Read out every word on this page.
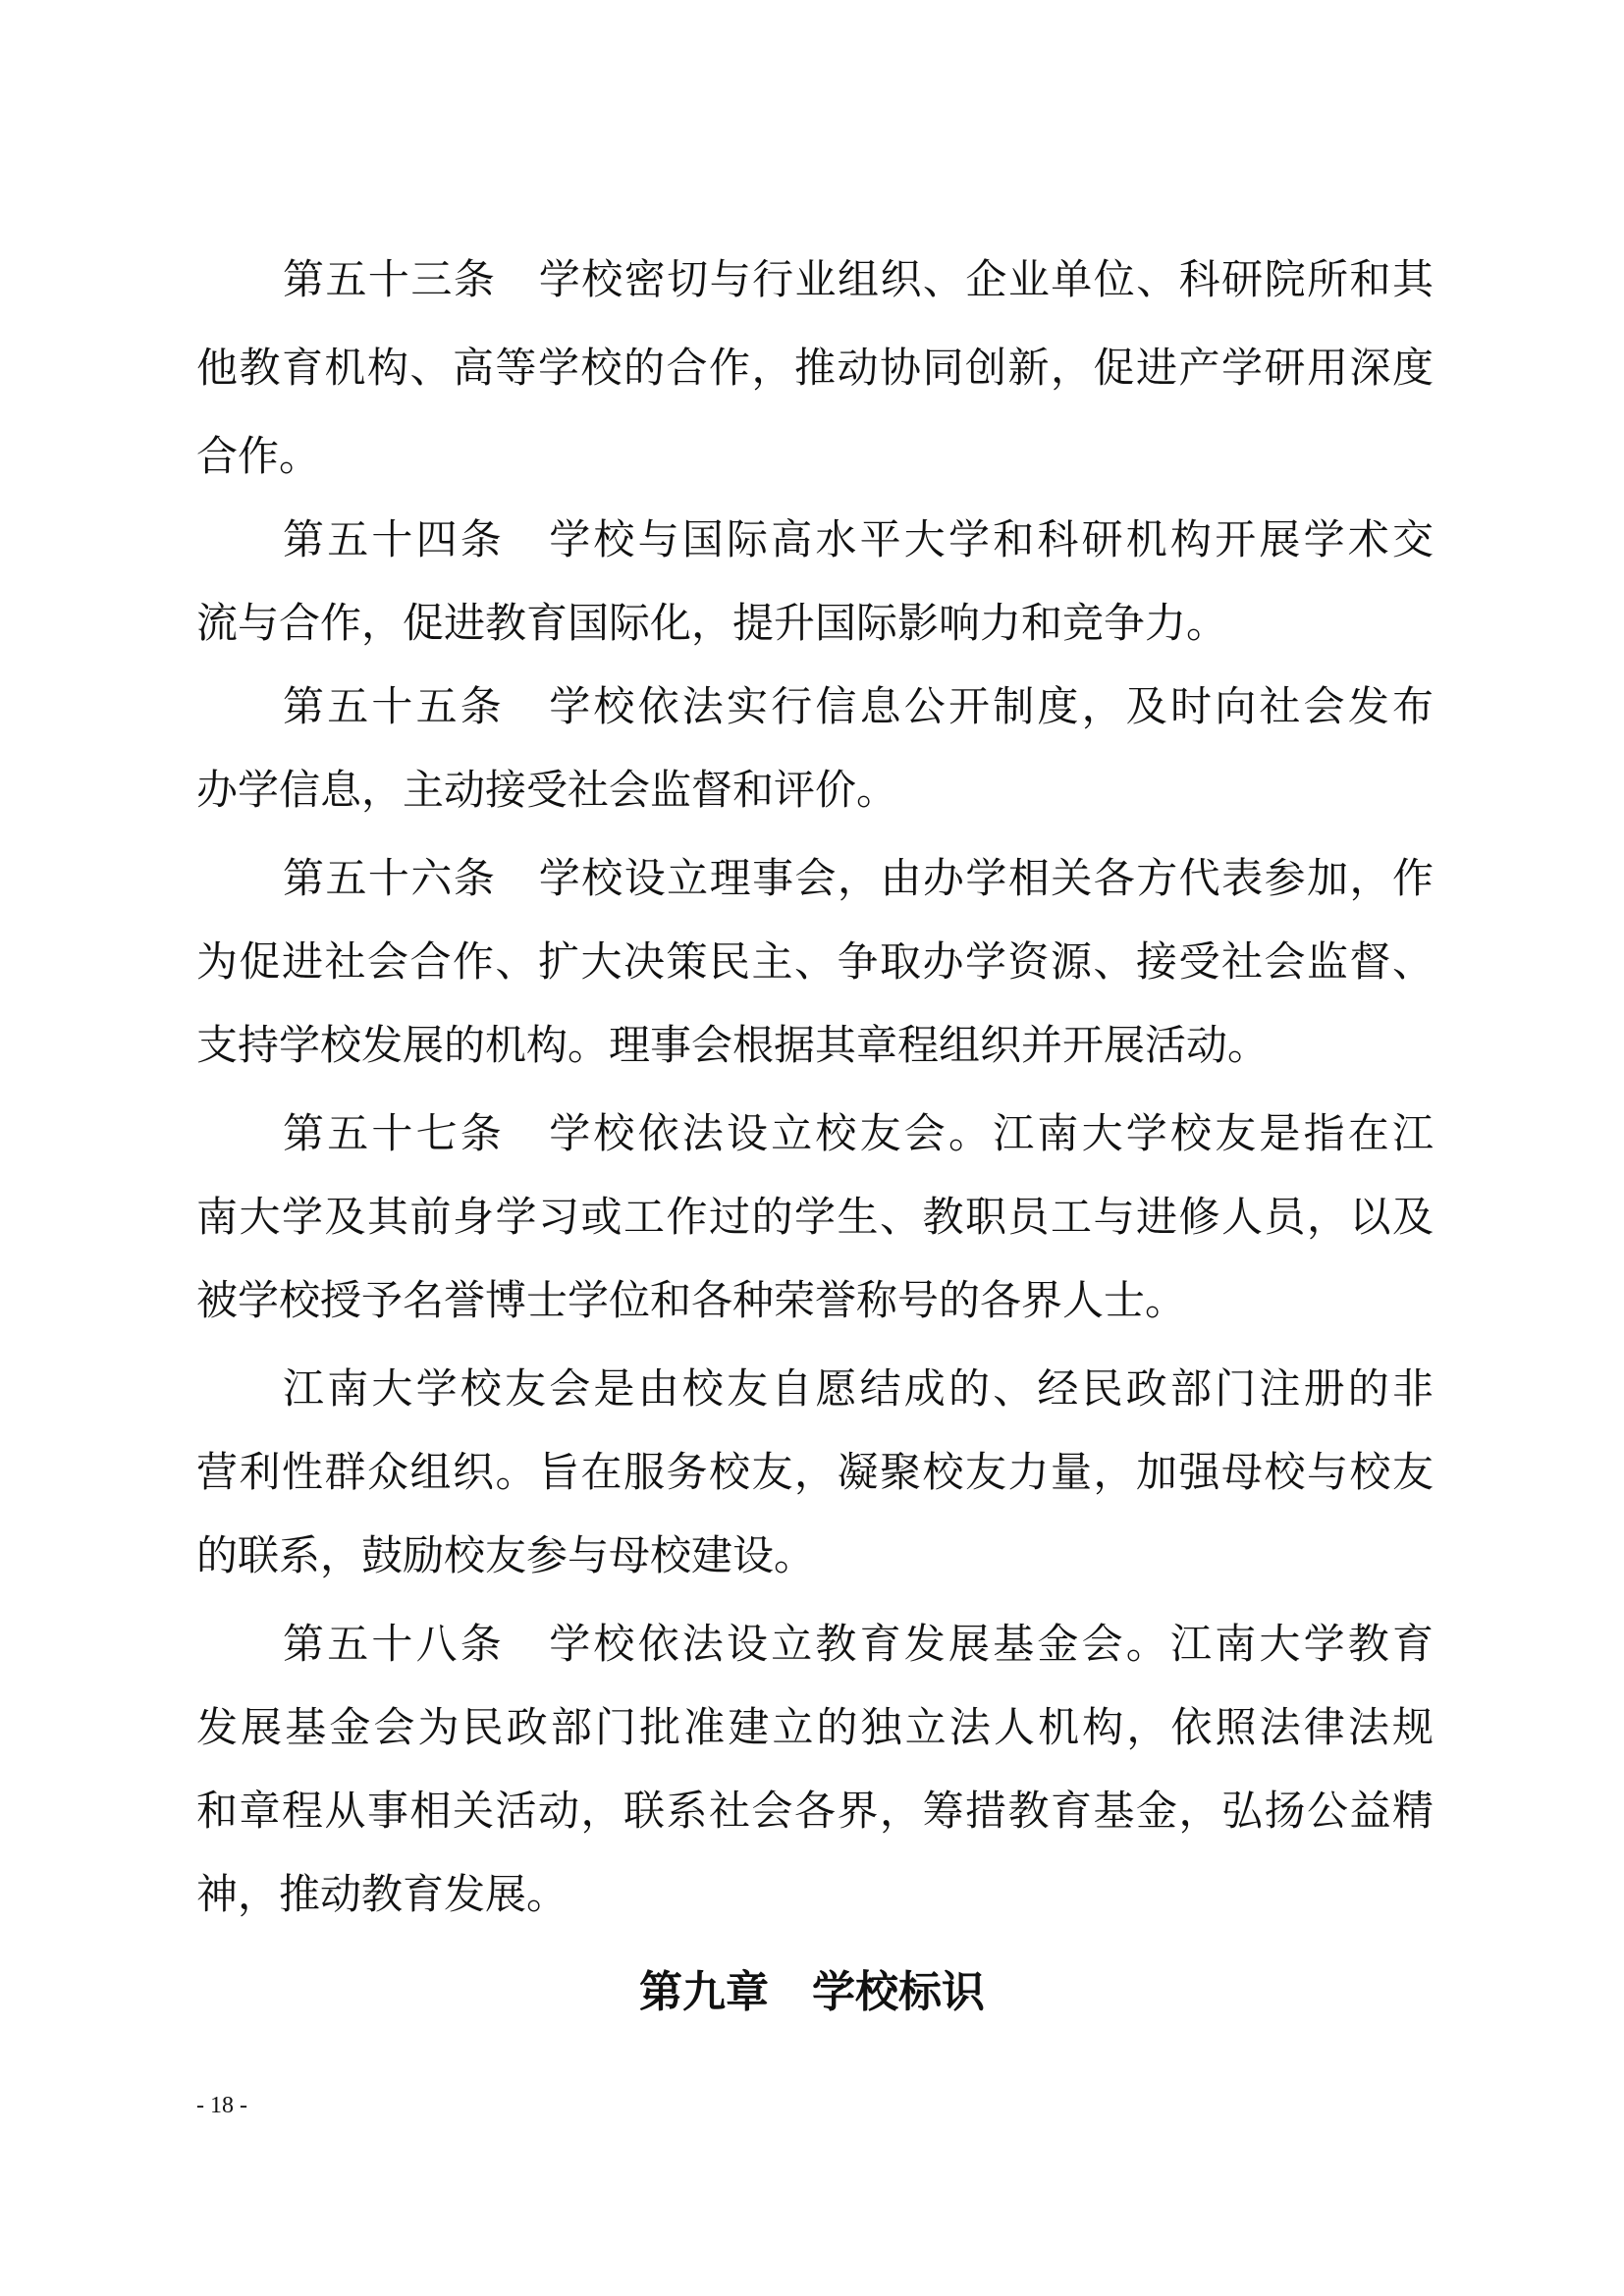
第五十三条　学校密切与行业组织、企业单位、科研院所和其
他教育机构、高等学校的合作，推动协同创新，促进产学研用深度
合作。
第五十四条　学校与国际高水平大学和科研机构开展学术交
流与合作，促进教育国际化，提升国际影响力和竞争力。
第五十五条　学校依法实行信息公开制度，及时向社会发布
办学信息，主动接受社会监督和评价。
第五十六条　学校设立理事会，由办学相关各方代表参加，作
为促进社会合作、扩大决策民主、争取办学资源、接受社会监督、
支持学校发展的机构。理事会根据其章程组织并开展活动。
第五十七条　学校依法设立校友会。江南大学校友是指在江
南大学及其前身学习或工作过的学生、教职员工与进修人员，以及
被学校授予名誉博士学位和各种荣誉称号的各界人士。
江南大学校友会是由校友自愿结成的、经民政部门注册的非
营利性群众组织。旨在服务校友，凝聚校友力量，加强母校与校友
的联系，鼓励校友参与母校建设。
第五十八条　学校依法设立教育发展基金会。江南大学教育
发展基金会为民政部门批准建立的独立法人机构，依照法律法规
和章程从事相关活动，联系社会各界，筹措教育基金，弘扬公益精
神，推动教育发展。
第九章 学校标识
- 18 -
